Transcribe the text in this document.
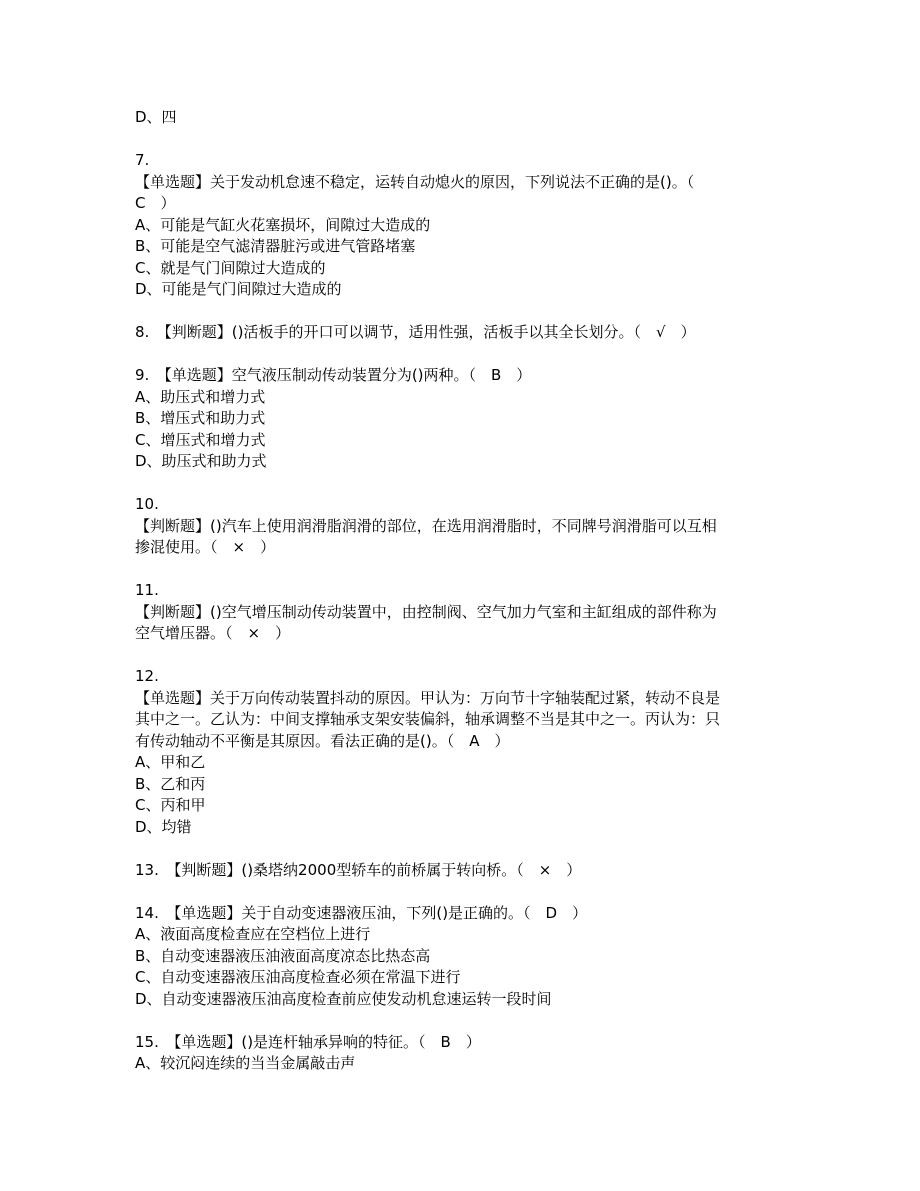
D、四
7.
【单选题】关于发动机怠速不稳定，运转自动熄火的原因，下列说法不正确的是()。（
C　）
A、可能是气缸火花塞损坏，间隙过大造成的
B、可能是空气滤清器脏污或进气管路堵塞
C、就是气门间隙过大造成的
D、可能是气门间隙过大造成的
8.　【判断题】()活板手的开口可以调节，适用性强，活板手以其全长划分。（　√　）
9.　【单选题】空气液压制动传动装置分为()两种。（　B　）
A、助压式和增力式
B、增压式和助力式
C、增压式和增力式
D、助压式和助力式
10.
【判断题】()汽车上使用润滑脂润滑的部位，在选用润滑脂时，不同牌号润滑脂可以互相
掺混使用。（　×　）
11.
【判断题】()空气增压制动传动装置中，由控制阀、空气加力气室和主缸组成的部件称为
空气增压器。（　×　）
12.
【单选题】关于万向传动装置抖动的原因。甲认为：万向节十字轴装配过紧，转动不良是
其中之一。乙认为：中间支撑轴承支架安装偏斜，轴承调整不当是其中之一。丙认为：只
有传动轴动不平衡是其原因。看法正确的是()。（　A　）
A、甲和乙
B、乙和丙
C、丙和甲
D、均错
13.　【判断题】()桑塔纳2000型轿车的前桥属于转向桥。（　×　）
14.　【单选题】关于自动变速器液压油，下列()是正确的。（　D　）
A、液面高度检查应在空档位上进行
B、自动变速器液压油液面高度凉态比热态高
C、自动变速器液压油高度检查必须在常温下进行
D、自动变速器液压油高度检查前应使发动机怠速运转一段时间
15.　【单选题】()是连杆轴承异响的特征。（　B　）
A、较沉闷连续的当当金属敲击声
